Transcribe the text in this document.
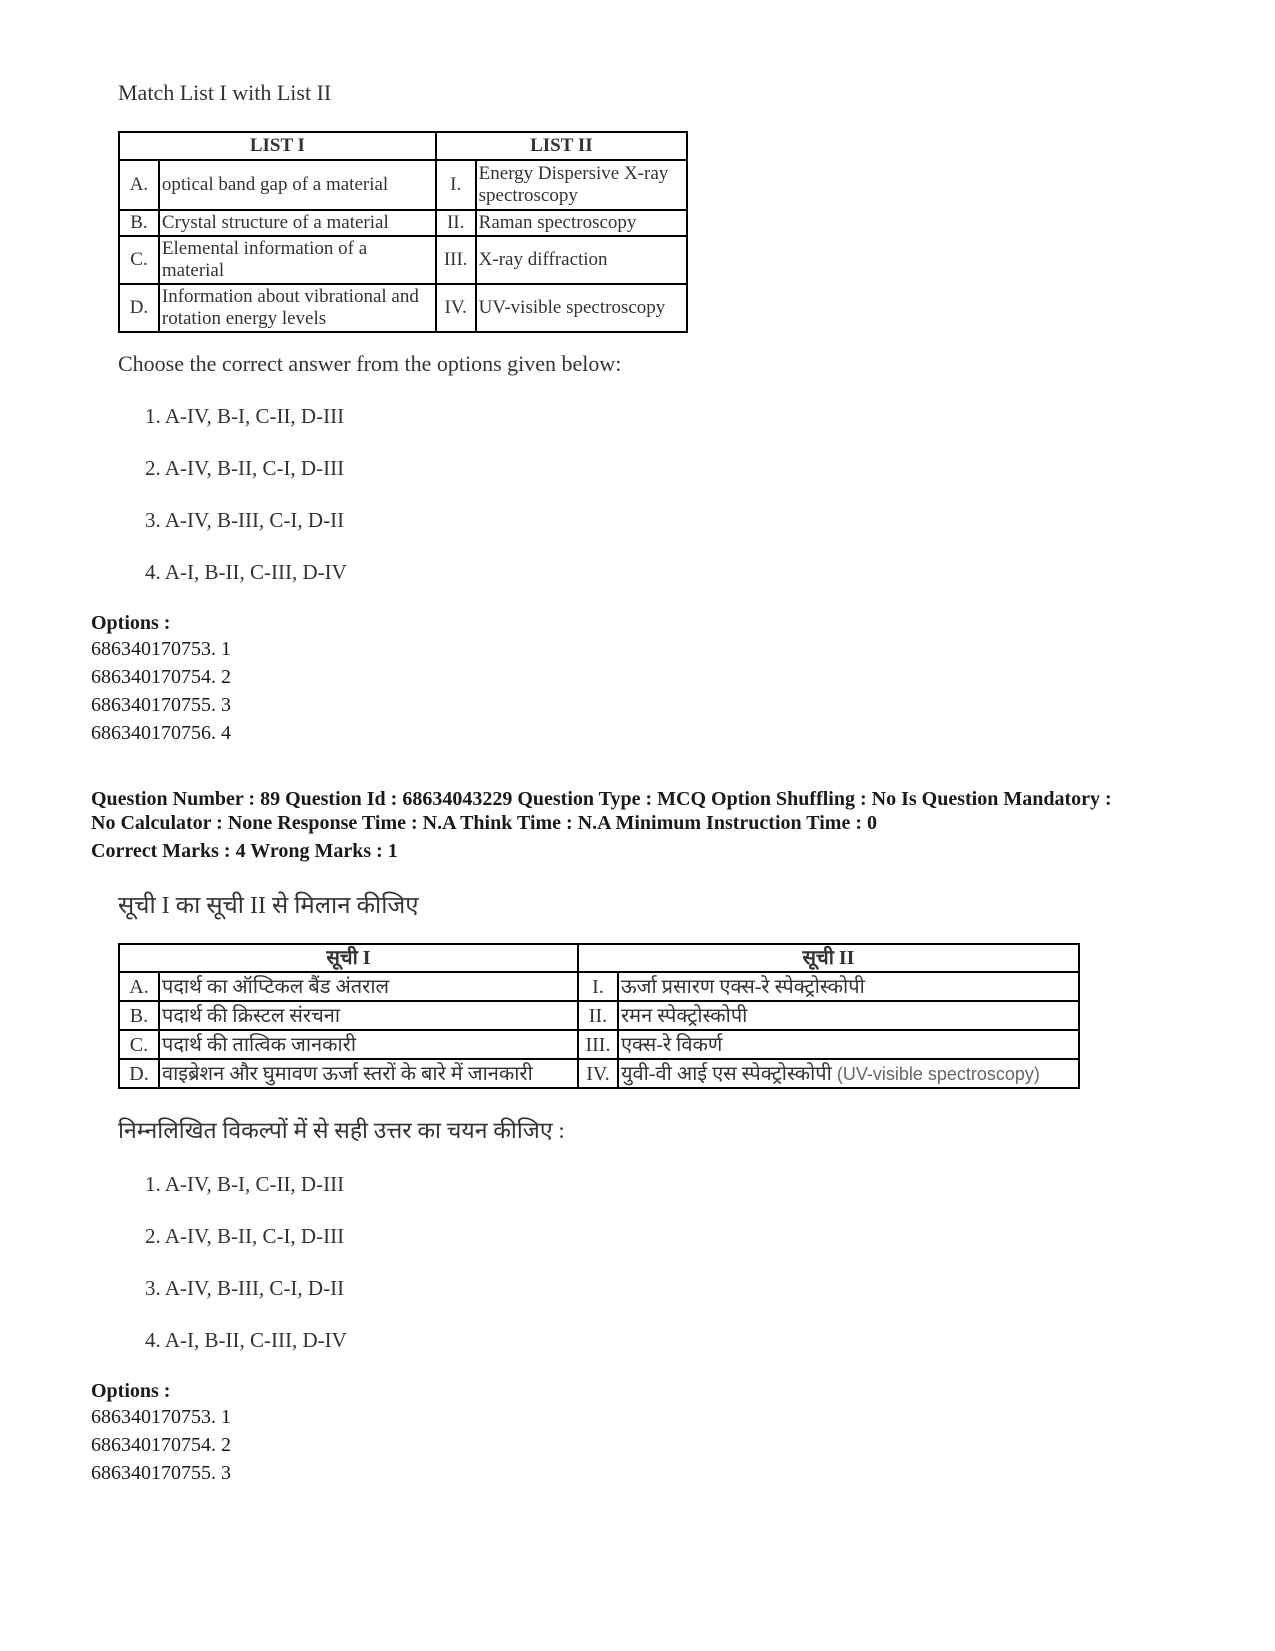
Match List I with List II
LIST I		LIST II	
A.	optical band gap of a material	I.	Energy Dispersive X-ray spectroscopy
B.	Crystal structure of a material	II.	Raman spectroscopy
C.	Elemental information of a material	III.	X-ray diffraction
D.	Information about vibrational and rotation energy levels	IV.	UV-visible spectroscopy
Choose the correct answer from the options given below:
1. A-IV, B-I, C-II, D-III
2. A-IV, B-II, C-I, D-III
3. A-IV, B-III, C-I, D-II
4. A-I, B-II, C-III, D-IV
Options :
686340170753. 1
686340170754. 2
686340170755. 3
686340170756. 4
Question Number : 89 Question Id : 68634043229 Question Type : MCQ Option Shuffling : No Is Question Mandatory :
No Calculator : None Response Time : N.A Think Time : N.A Minimum Instruction Time : 0
Correct Marks : 4 Wrong Marks : 1
सूची I का सूची II से मिलान कीजिए
सूची I		सूची II	
A.	पदार्थ का ऑप्टिकल बैंड अंतराल	I.	ऊर्जा प्रसारण एक्स-रे स्पेक्ट्रोस्कोपी
B.	पदार्थ की क्रिस्टल संरचना	II.	रमन स्पेक्ट्रोस्कोपी
C.	पदार्थ की तात्विक जानकारी	III.	एक्स-रे विकर्ण
D.	वाइब्रेशन और घुमावण ऊर्जा स्तरों के बारे में जानकारी	IV.	युवी-वी आई एस स्पेक्ट्रोस्कोपी (UV-visible spectroscopy)
निम्नलिखित विकल्पों में से सही उत्तर का चयन कीजिए :
1. A-IV, B-I, C-II, D-III
2. A-IV, B-II, C-I, D-III
3. A-IV, B-III, C-I, D-II
4. A-I, B-II, C-III, D-IV
Options :
686340170753. 1
686340170754. 2
686340170755. 3
